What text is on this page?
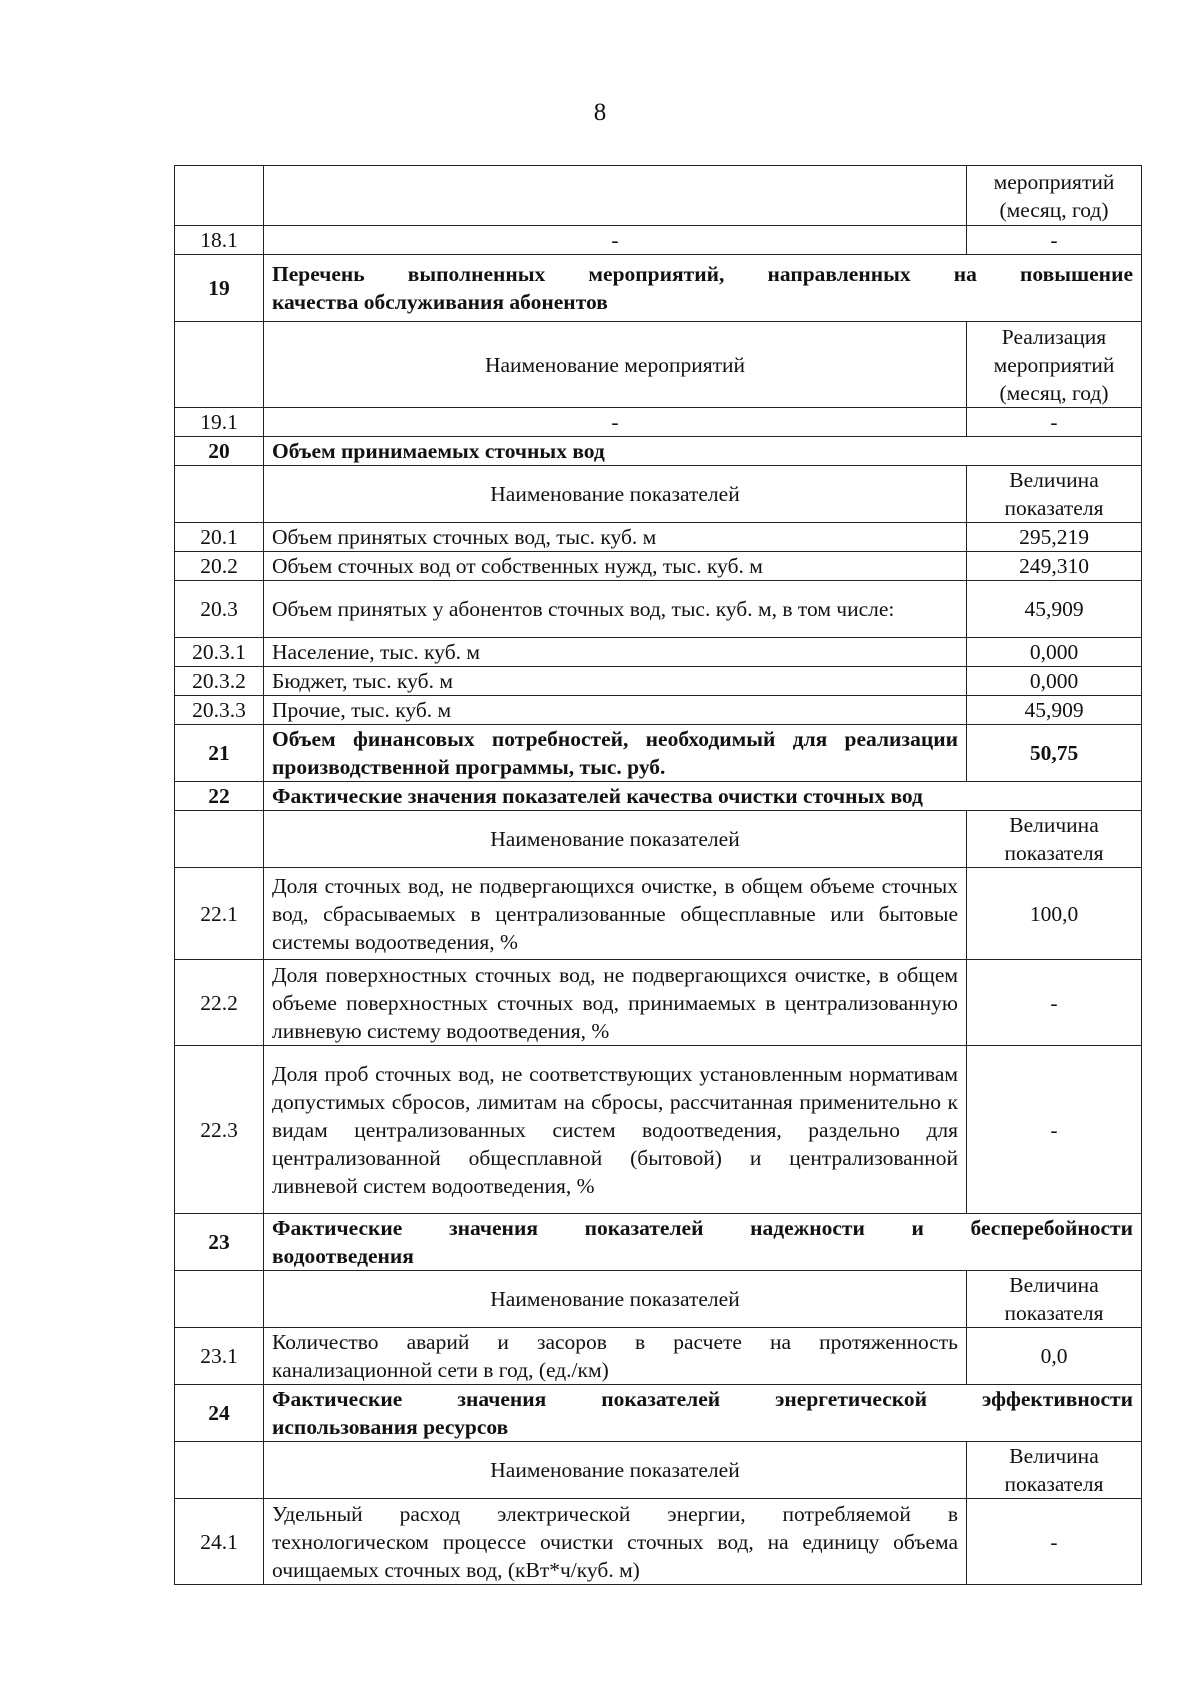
8
		мероприятий (месяц, год)
18.1	-	-
19	Перечень выполненных мероприятий, направленных на повышение
качества обслуживания абонентов	
	Наименование мероприятий	Реализация мероприятий (месяц, год)
19.1	-	-
20	Объем принимаемых сточных вод	
	Наименование показателей	Величина показателя
20.1	Объем принятых сточных вод, тыс. куб. м	295,219
20.2	Объем сточных вод от собственных нужд, тыс. куб. м	249,310
20.3	Объем принятых у абонентов сточных вод, тыс. куб. м, в том числе:	45,909
20.3.1	Население, тыс. куб. м	0,000
20.3.2	Бюджет, тыс. куб. м	0,000
20.3.3	Прочие, тыс. куб. м	45,909
21	Объем финансовых потребностей, необходимый для реализации производственной программы, тыс. руб.	50,75
22	Фактические значения показателей качества очистки сточных вод	
	Наименование показателей	Величина показателя
22.1	Доля сточных вод, не подвергающихся очистке, в общем объеме сточных вод, сбрасываемых в централизованные общесплавные или бытовые системы водоотведения, %	100,0
22.2	Доля поверхностных сточных вод, не подвергающихся очистке, в общем объеме поверхностных сточных вод, принимаемых в централизованную ливневую систему водоотведения, %	-
22.3	Доля проб сточных вод, не соответствующих установленным нормативам допустимых сбросов, лимитам на сбросы, рассчитанная применительно к видам централизованных систем водоотведения, раздельно для централизованной общесплавной (бытовой) и централизованной ливневой систем водоотведения, %	-
23	Фактические значения показателей надежности и бесперебойности
водоотведения	
	Наименование показателей	Величина показателя
23.1	Количество аварий и засоров в расчете на протяженность канализационной сети в год, (ед./км)	0,0
24	Фактические значения показателей энергетической эффективности
использования ресурсов	
	Наименование показателей	Величина показателя
24.1	Удельный расход электрической энергии, потребляемой в технологическом процессе очистки сточных вод, на единицу объема очищаемых сточных вод, (кВт*ч/куб. м)	-
